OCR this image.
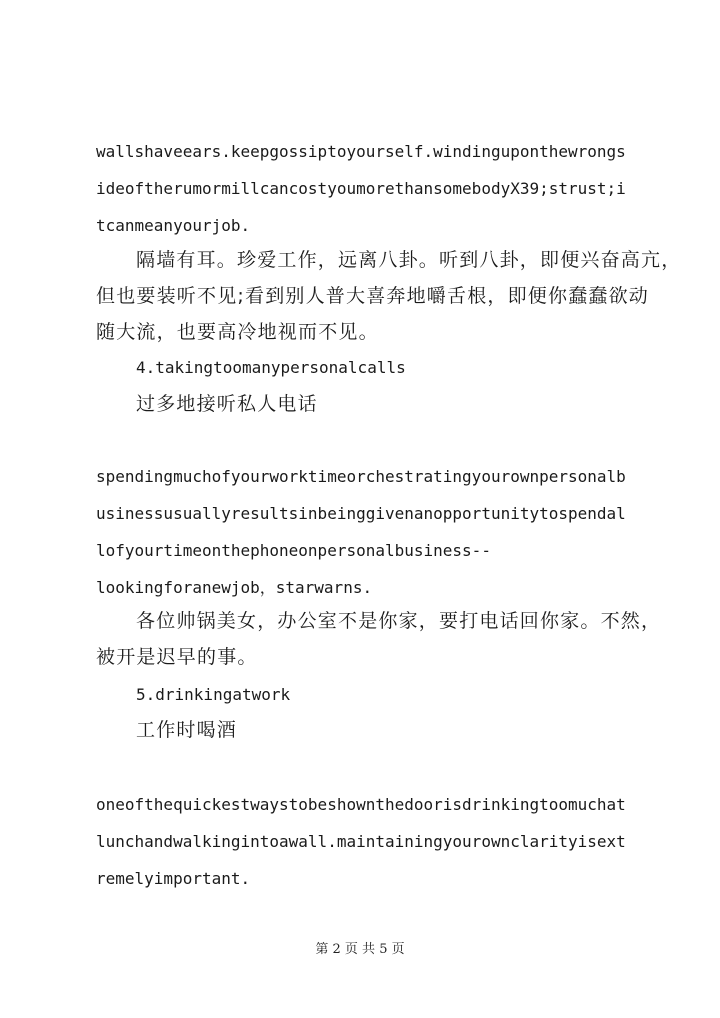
wallshaveears.keepgossiptoyourself.windinguponthewrongs
ideoftherumormillcancostyoumorethansomebodyX39;strust;i
tcanmeanyourjob.
隔墙有耳。珍爱工作，远离八卦。听到八卦，即便兴奋高亢，
但也要装听不见;看到别人普大喜奔地嚼舌根，即便你蠢蠢欲动
随大流，也要高冷地视而不见。
4.takingtoomanypersonalcalls
过多地接听私人电话
spendingmuchofyourworktimeorchestratingyourownpersonalb
usinessusuallyresultsinbeinggivenanopportunitytospendal
lofyourtimeonthephoneonpersonalbusiness--
lookingforanewjob，starwarns.
各位帅锅美女，办公室不是你家，要打电话回你家。不然，
被开是迟早的事。
5.drinkingatwork
工作时喝酒
oneofthequickestwaystobeshownthedoorisdrinkingtoomuchat
lunchandwalkingintoawall.maintainingyourownclarityisext
remelyimportant.
第 2 页 共 5 页
